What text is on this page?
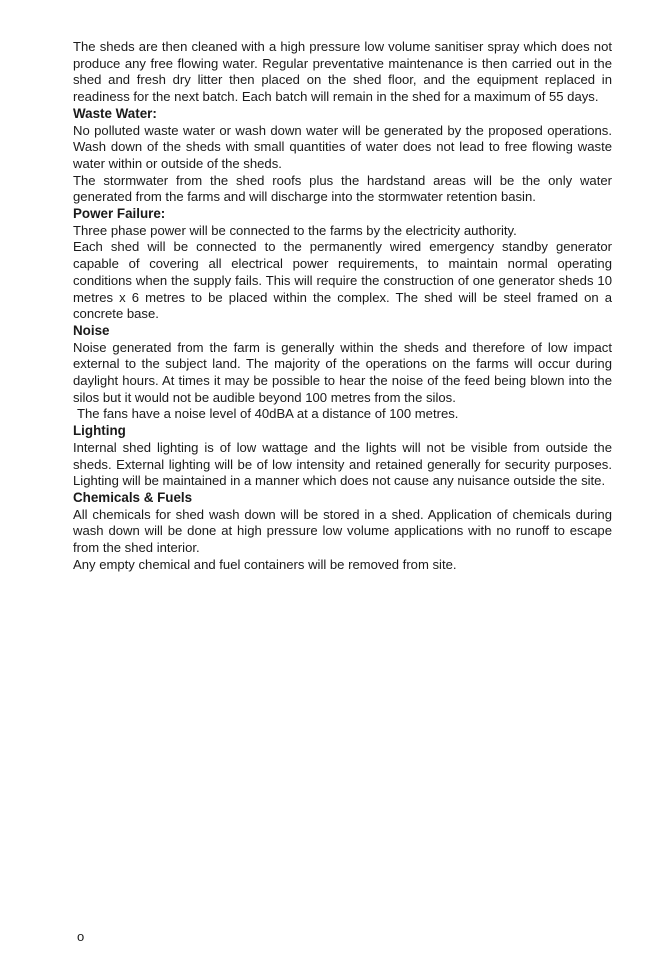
The sheds are then cleaned with a high pressure low volume sanitiser spray which does not produce any free flowing water. Regular preventative maintenance is then carried out in the shed and fresh dry litter then placed on the shed floor, and the equipment replaced in readiness for the next batch. Each batch will remain in the shed for a maximum of 55 days.

Waste Water:

No polluted waste water or wash down water will be generated by the proposed operations. Wash down of the sheds with small quantities of water does not lead to free flowing waste water within or outside of the sheds.

The stormwater from the shed roofs plus the hardstand areas will be the only water generated from the farms and will discharge into the stormwater retention basin.

Power Failure:

Three phase power will be connected to the farms by the electricity authority.

Each shed will be connected to the permanently wired emergency standby generator capable of covering all electrical power requirements, to maintain normal operating conditions when the supply fails. This will require the construction of one generator sheds 10 metres x 6 metres to be placed within the complex. The shed will be steel framed on a concrete base.

Noise

Noise generated from the farm is generally within the sheds and therefore of low impact external to the subject land. The majority of the operations on the farms will occur during daylight hours. At times it may be possible to hear the noise of the feed being blown into the silos but it would not be audible beyond 100 metres from the silos.

The fans have a noise level of 40dBA at a distance of 100 metres.

Lighting

Internal shed lighting is of low wattage and the lights will not be visible from outside the sheds. External lighting will be of low intensity and retained generally for security purposes. Lighting will be maintained in a manner which does not cause any nuisance outside the site.

Chemicals & Fuels

All chemicals for shed wash down will be stored in a shed. Application of chemicals during wash down will be done at high pressure low volume applications with no runoff to escape from the shed interior.

Any empty chemical and fuel containers will be removed from site.

o
